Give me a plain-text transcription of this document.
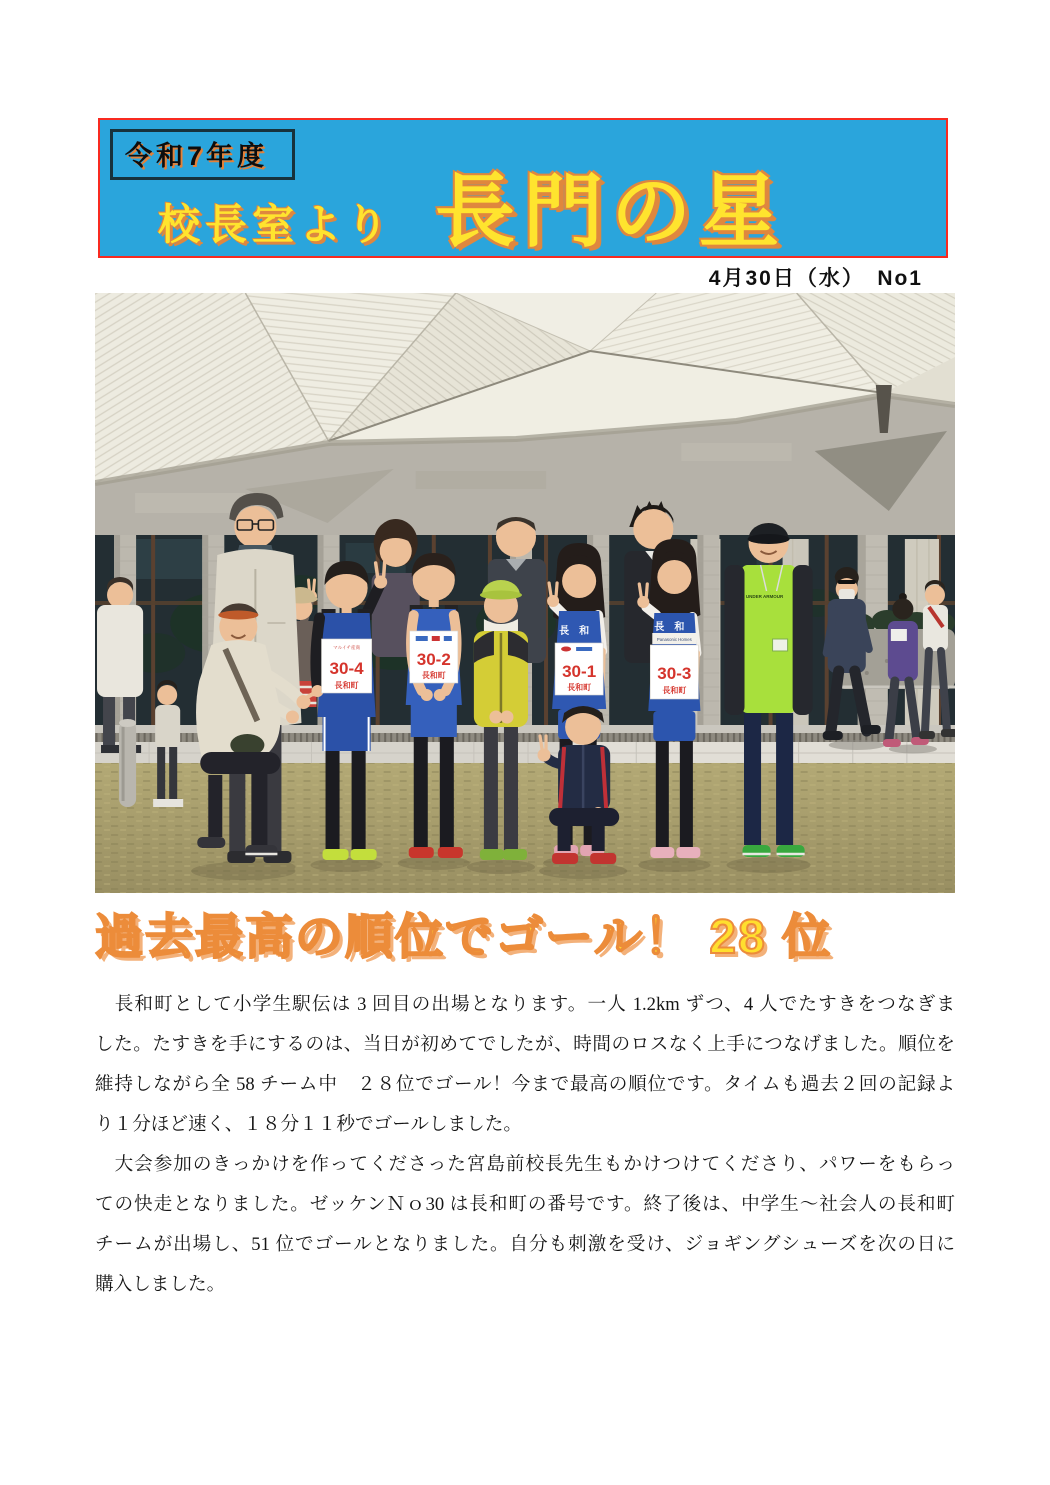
令和7年度
校長室より 長門の星
4月30日（水）　No1
UNDER ARMOUR
マルイチ産商
30-4
長和町
30-2
長和町
長和
30-1
長和町
長和
Panasonic Homes
30-3
長和町
過去最高の順位でゴール！ 28 位
　長和町として小学生駅伝は 3 回目の出場となります。一人 1.2km ずつ、4 人でたすきをつなぎま
した。たすきを手にするのは、当日が初めてでしたが、時間のロスなく上手につなげました。順位を
維持しながら全 58 チーム中　２８位でゴール！今まで最高の順位です。タイムも過去２回の記録よ
り１分ほど速く、１８分１１秒でゴールしました。
　大会参加のきっかけを作ってくださった宮島前校長先生もかけつけてくださり、パワーをもらっ
ての快走となりました。ゼッケンＮｏ30 は長和町の番号です。終了後は、中学生～社会人の長和町
チームが出場し、51 位でゴールとなりました。自分も刺激を受け、ジョギングシューズを次の日に
購入しました。
